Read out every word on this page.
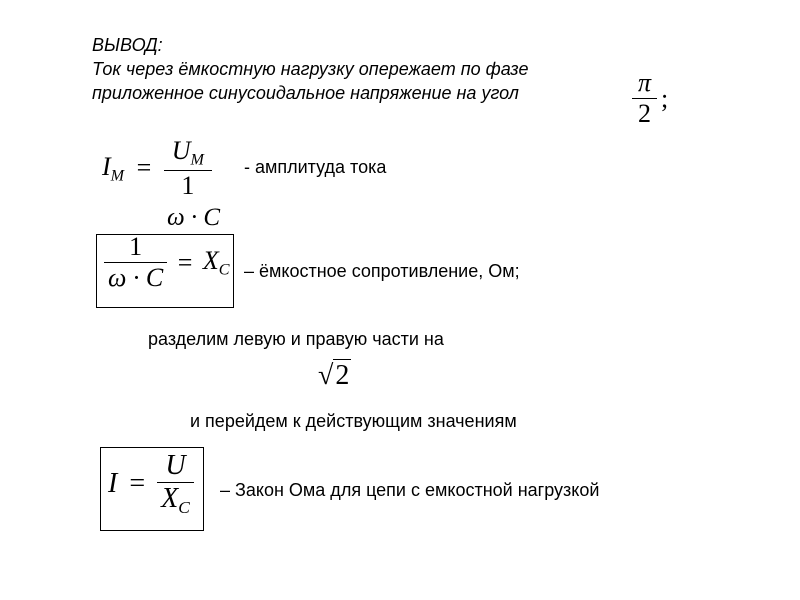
ВЫВОД:
Ток через ёмкостную нагрузку опережает по фазе
приложенное синусоидальное напряжение на угол	$\frac{\pi}{2}$ ;
$I_M = \frac{U_M}{1}$ - амплитуда тока
ω · C
$\frac{1}{\omega \cdot C} = X_C$ – ёмкостное сопротивление, Ом;
разделим левую и правую части на
√2
и перейдем к действующим значениям
$I = \frac{U}{X_C}$ – Закон Ома для цепи с емкостной нагрузкой
